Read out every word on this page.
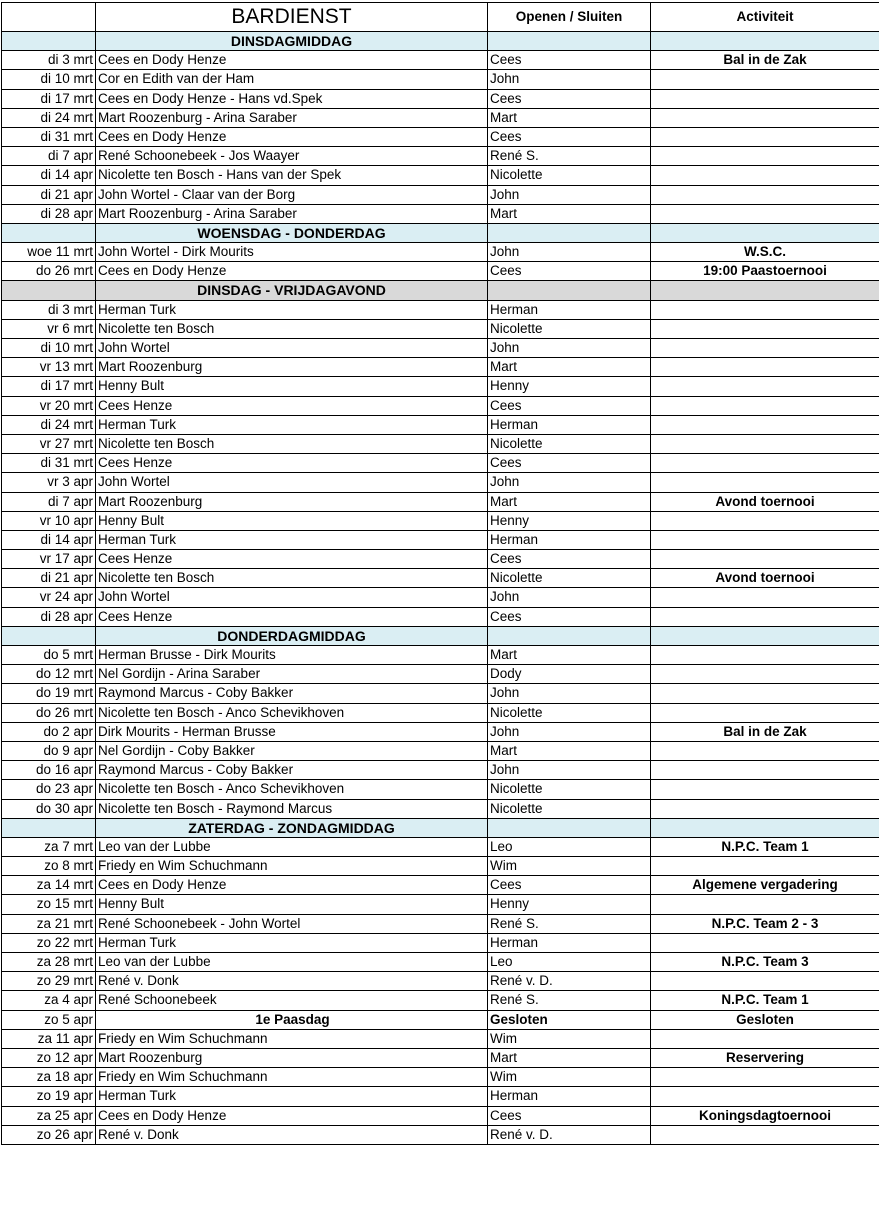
BARDIENST	Openen / Sluiten	Activiteit
DINSDAGMIDDAG
di 3 mrt Cees en Dody Henze	Cees	Bal in de Zak
di 10 mrt Cor en Edith van der Ham	John
di 17 mrt Cees en Dody Henze - Hans vd.Spek	Cees
di 24 mrt Mart Roozenburg - Arina Saraber	Mart
di 31 mrt Cees en Dody Henze	Cees
di 7 apr René Schoonebeek - Jos Waayer	René S.
di 14 apr Nicolette ten Bosch - Hans van der Spek	Nicolette
di 21 apr John Wortel - Claar van der Borg	John
di 28 apr Mart Roozenburg - Arina Saraber	Mart
WOENSDAG - DONDERDAG
woe 11 mrt John Wortel - Dirk Mourits	John	W.S.C.
do 26 mrt Cees en Dody Henze	Cees	19:00 Paastoernooi
DINSDAG - VRIJDAGAVOND
di 3 mrt Herman Turk	Herman
vr 6 mrt Nicolette ten Bosch	Nicolette
di 10 mrt John Wortel	John
vr 13 mrt Mart Roozenburg	Mart
di 17 mrt Henny Bult	Henny
vr 20 mrt Cees Henze	Cees
di 24 mrt Herman Turk	Herman
vr 27 mrt Nicolette ten Bosch	Nicolette
di 31 mrt Cees Henze	Cees
vr 3 apr John Wortel	John
di 7 apr Mart Roozenburg	Mart	Avond toernooi
vr 10 apr Henny Bult	Henny
di 14 apr Herman Turk	Herman
vr 17 apr Cees Henze	Cees
di 21 apr Nicolette ten Bosch	Nicolette	Avond toernooi
vr 24 apr John Wortel	John
di 28 apr Cees Henze	Cees
DONDERDAGMIDDAG
do 5 mrt Herman Brusse - Dirk Mourits	Mart
do 12 mrt Nel Gordijn - Arina Saraber	Dody
do 19 mrt Raymond Marcus - Coby Bakker	John
do 26 mrt Nicolette ten Bosch - Anco Schevikhoven	Nicolette
do 2 apr Dirk Mourits - Herman Brusse	John	Bal in de Zak
do 9 apr Nel Gordijn - Coby Bakker	Mart
do 16 apr Raymond Marcus - Coby Bakker	John
do 23 apr Nicolette ten Bosch - Anco Schevikhoven	Nicolette
do 30 apr Nicolette ten Bosch - Raymond Marcus	Nicolette
ZATERDAG - ZONDAGMIDDAG
za 7 mrt Leo van der Lubbe	Leo	N.P.C. Team 1
zo 8 mrt Friedy en Wim Schuchmann	Wim
za 14 mrt Cees en Dody Henze	Cees	Algemene vergadering
zo 15 mrt Henny Bult	Henny
za 21 mrt René Schoonebeek - John Wortel	René S.	N.P.C. Team 2 - 3
zo 22 mrt Herman Turk	Herman
za 28 mrt Leo van der Lubbe	Leo	N.P.C. Team 3
zo 29 mrt René v. Donk	René v. D.
za 4 apr René Schoonebeek	René S.	N.P.C. Team 1
zo 5 apr	1e Paasdag	Gesloten	Gesloten
za 11 apr Friedy en Wim Schuchmann	Wim
zo 12 apr Mart Roozenburg	Mart	Reservering
za 18 apr Friedy en Wim Schuchmann	Wim
zo 19 apr Herman Turk	Herman
za 25 apr Cees en Dody Henze	Cees	Koningsdagtoernooi
zo 26 apr René v. Donk	René v. D.
